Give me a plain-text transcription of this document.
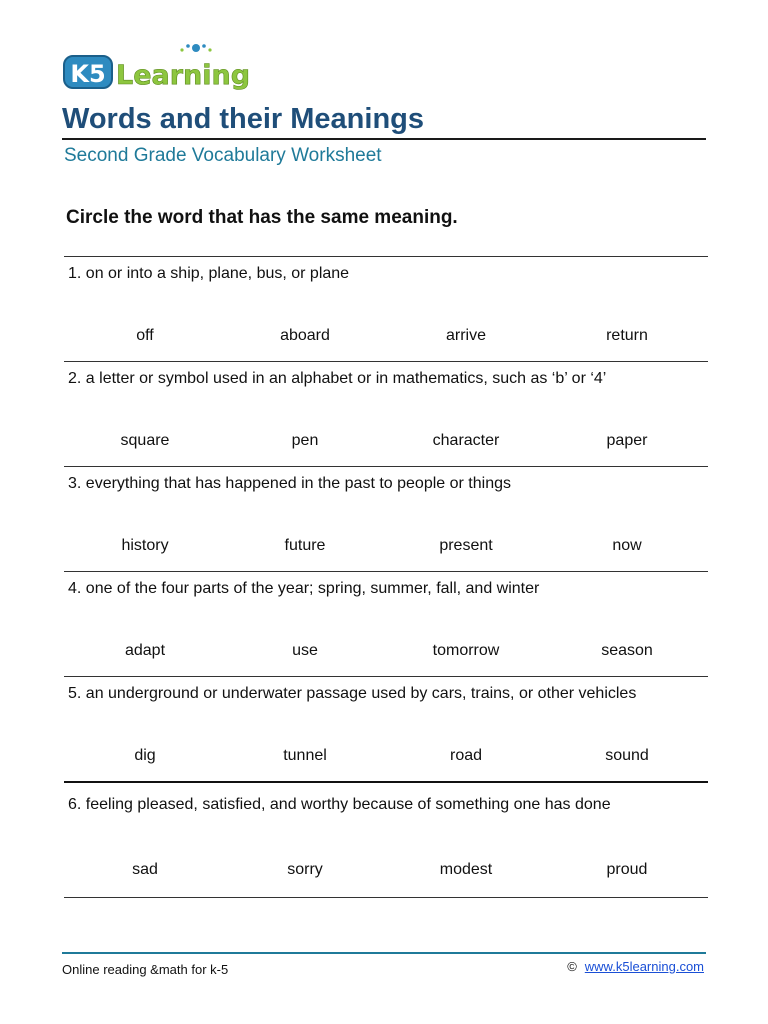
K5 Learning
Words and their Meanings
Second Grade Vocabulary Worksheet
Circle the word that has the same meaning.
1. on or into a ship, plane, bus, or plane
off	aboard	arrive	return
2. a letter or symbol used in an alphabet or in mathematics, such as ‘b’ or ‘4’
square	pen	character	paper
3. everything that has happened in the past to people or things
history	future	present	now
4. one of the four parts of the year; spring, summer, fall, and winter
adapt	use	tomorrow	season
5. an underground or underwater passage used by cars, trains, or other vehicles
dig	tunnel	road	sound
6. feeling pleased, satisfied, and worthy because of something one has done
sad	sorry	modest	proud
Online reading &math for k-5	© www.k5learning.com
